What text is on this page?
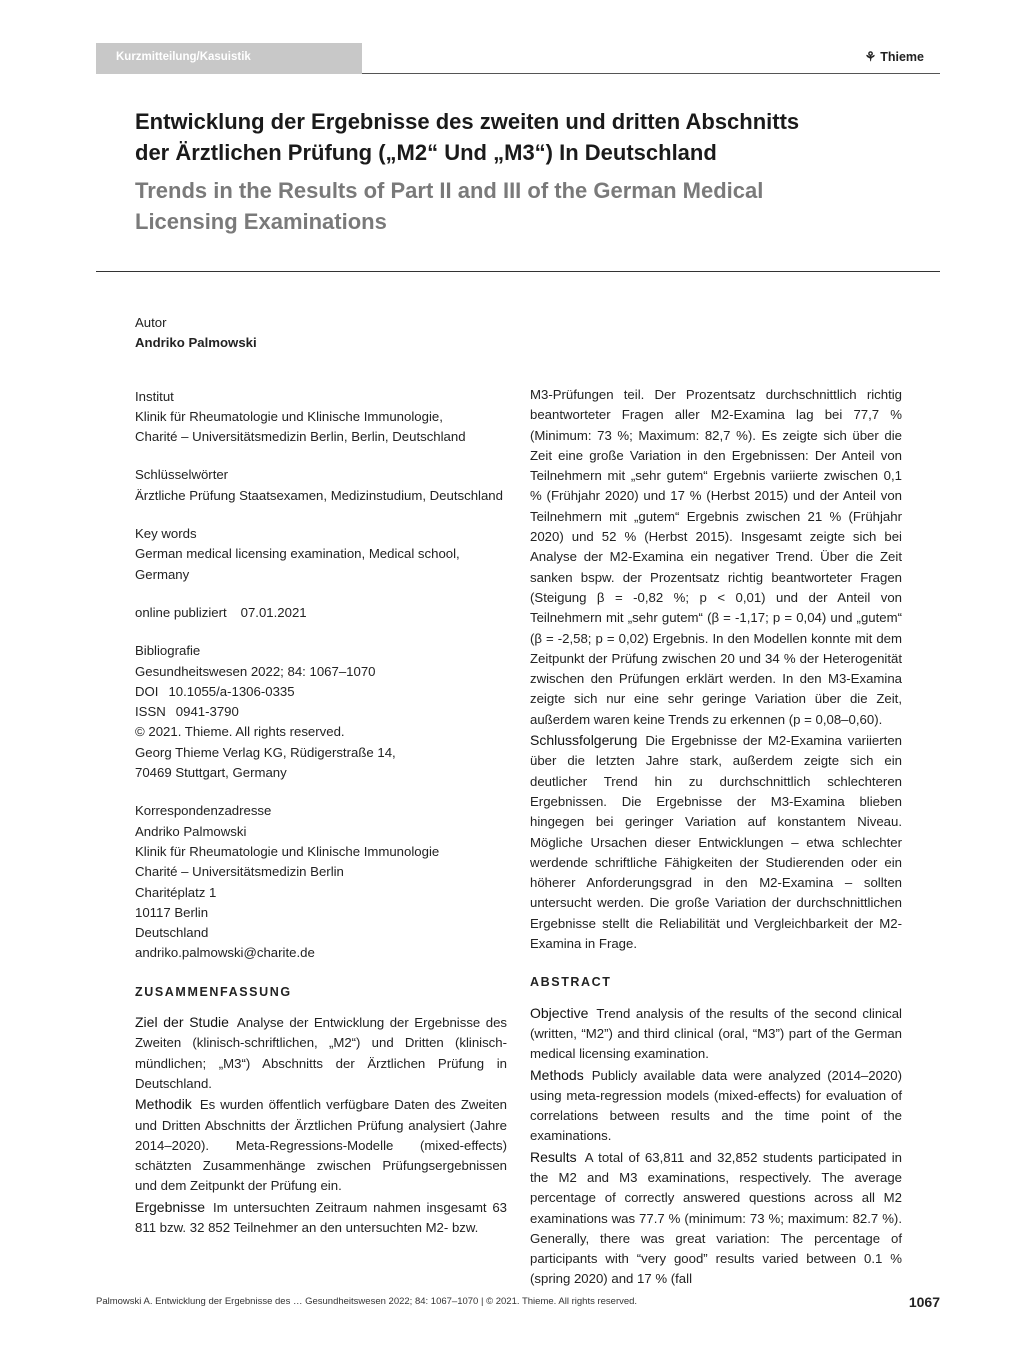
Kurzmitteilung/Kasuistik	⚘ Thieme
Entwicklung der Ergebnisse des zweiten und dritten Abschnitts
der Ärztlichen Prüfung („M2“ Und „M3“) In Deutschland
Trends in the Results of Part II and III of the German Medical
Licensing Examinations
Autor
Andriko Palmowski
Institut
Klinik für Rheumatologie und Klinische Immunologie,
Charité – Universitätsmedizin Berlin, Berlin, Deutschland
Schlüsselwörter
Ärztliche Prüfung Staatsexamen, Medizinstudium, Deutschland
Key words
German medical licensing examination, Medical school,
Germany
online publiziert 07.01.2021
Bibliografie
Gesundheitswesen 2022; 84: 1067–1070
DOI 10.1055/a-1306-0335
ISSN 0941-3790
© 2021. Thieme. All rights reserved.
Georg Thieme Verlag KG, Rüdigerstraße 14,
70469 Stuttgart, Germany
Korrespondenzadresse
Andriko Palmowski
Klinik für Rheumatologie und Klinische Immunologie
Charité – Universitätsmedizin Berlin
Charitéplatz 1
10117 Berlin
Deutschland
andriko.palmowski@charite.de
ZUSAMMENFASSUNG
Ziel der Studie Analyse der Entwicklung der Ergebnisse des Zweiten (klinisch-schriftlichen, „M2“) und Dritten (klinisch-mündlichen; „M3“) Abschnitts der Ärztlichen Prüfung in Deutschland.
Methodik Es wurden öffentlich verfügbare Daten des Zweiten und Dritten Abschnitts der Ärztlichen Prüfung analysiert (Jahre 2014–2020). Meta-Regressions-Modelle (mixed-effects) schätzten Zusammenhänge zwischen Prüfungsergebnissen und dem Zeitpunkt der Prüfung ein.
Ergebnisse Im untersuchten Zeitraum nahmen insgesamt 63 811 bzw. 32 852 Teilnehmer an den untersuchten M2- bzw.
M3-Prüfungen teil. Der Prozentsatz durchschnittlich richtig beantworteter Fragen aller M2-Examina lag bei 77,7 % (Minimum: 73 %; Maximum: 82,7 %). Es zeigte sich über die Zeit eine große Variation in den Ergebnissen: Der Anteil von Teilnehmern mit „sehr gutem“ Ergebnis variierte zwischen 0,1 % (Frühjahr 2020) und 17 % (Herbst 2015) und der Anteil von Teilnehmern mit „gutem“ Ergebnis zwischen 21 % (Frühjahr 2020) und 52 % (Herbst 2015). Insgesamt zeigte sich bei Analyse der M2-Examina ein negativer Trend. Über die Zeit sanken bspw. der Prozentsatz richtig beantworteter Fragen (Steigung β = -0,82 %; p < 0,01) und der Anteil von Teilnehmern mit „sehr gutem“ (β = -1,17; p = 0,04) und „gutem“ (β = -2,58; p = 0,02) Ergebnis. In den Modellen konnte mit dem Zeitpunkt der Prüfung zwischen 20 und 34 % der Heterogenität zwischen den Prüfungen erklärt werden. In den M3-Examina zeigte sich nur eine sehr geringe Variation über die Zeit, außerdem waren keine Trends zu erkennen (p = 0,08–0,60).
Schlussfolgerung Die Ergebnisse der M2-Examina variierten über die letzten Jahre stark, außerdem zeigte sich ein deutlicher Trend hin zu durchschnittlich schlechteren Ergebnissen. Die Ergebnisse der M3-Examina blieben hingegen bei geringer Variation auf konstantem Niveau. Mögliche Ursachen dieser Entwicklungen – etwa schlechter werdende schriftliche Fähigkeiten der Studierenden oder ein höherer Anforderungsgrad in den M2-Examina – sollten untersucht werden. Die große Variation der durchschnittlichen Ergebnisse stellt die Reliabilität und Vergleichbarkeit der M2-Examina in Frage.
ABSTRACT
Objective Trend analysis of the results of the second clinical (written, “M2”) and third clinical (oral, “M3”) part of the German medical licensing examination.
Methods Publicly available data were analyzed (2014–2020) using meta-regression models (mixed-effects) for evaluation of correlations between results and the time point of the examinations.
Results A total of 63,811 and 32,852 students participated in the M2 and M3 examinations, respectively. The average percentage of correctly answered questions across all M2 examinations was 77.7 % (minimum: 73 %; maximum: 82.7 %). Generally, there was great variation: The percentage of participants with “very good” results varied between 0.1 % (spring 2020) and 17 % (fall
Palmowski A. Entwicklung der Ergebnisse des … Gesundheitswesen 2022; 84: 1067–1070 | © 2021. Thieme. All rights reserved.	1067
